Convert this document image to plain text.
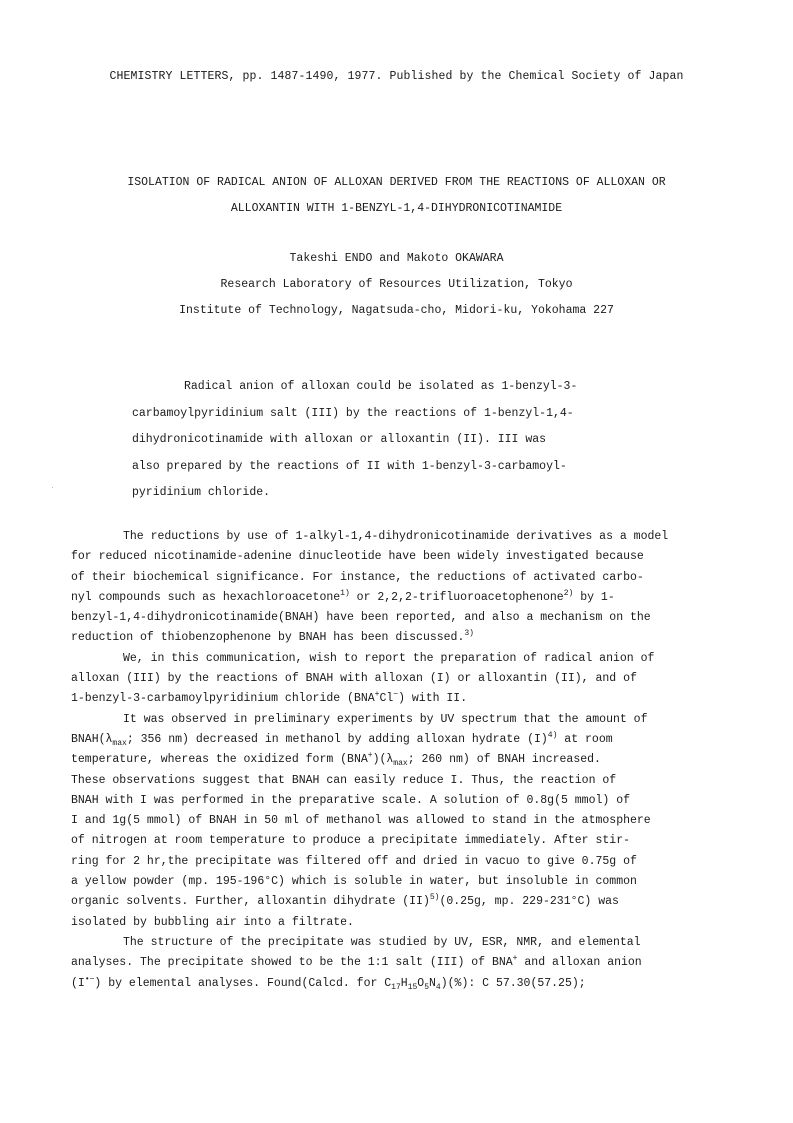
CHEMISTRY LETTERS, pp. 1487-1490, 1977. Published by the Chemical Society of Japan
ISOLATION OF RADICAL ANION OF ALLOXAN DERIVED FROM THE REACTIONS OF ALLOXAN OR
ALLOXANTIN WITH 1-BENZYL-1,4-DIHYDRONICOTINAMIDE
Takeshi ENDO and Makoto OKAWARA
Research Laboratory of Resources Utilization, Tokyo
Institute of Technology, Nagatsuda-cho, Midori-ku, Yokohama 227
Radical anion of alloxan could be isolated as 1-benzyl-3-
carbamoylpyridinium salt (III) by the reactions of 1-benzyl-1,4-
dihydronicotinamide with alloxan or alloxantin (II). III was
also prepared by the reactions of II with 1-benzyl-3-carbamoyl-
pyridinium chloride.
The reductions by use of 1-alkyl-1,4-dihydronicotinamide derivatives as a model
for reduced nicotinamide-adenine dinucleotide have been widely investigated because
of their biochemical significance. For instance, the reductions of activated carbo-
nyl compounds such as hexachloroacetone$^{1)}$ or 2,2,2-trifluoroacetophenone$^{2)}$ by 1-
benzyl-1,4-dihydronicotinamide(BNAH) have been reported, and also a mechanism on the
reduction of thiobenzophenone by BNAH has been discussed.$^{3)}$
We, in this communication, wish to report the preparation of radical anion of
alloxan (III) by the reactions of BNAH with alloxan (I) or alloxantin (II), and of
1-benzyl-3-carbamoylpyridinium chloride (BNA+Cl−) with II.
It was observed in preliminary experiments by UV spectrum that the amount of
$BNAH(\lambda_{max}$; 356 nm) decreased in methanol by adding alloxan hydrate $(I)^{4)}$ at room
temperature, whereas the oxidized form $(BNA^+)(\lambda_{max}$; 260 nm) of BNAH increased.
These observations suggest that BNAH can easily reduce I. Thus, the reaction of
BNAH with I was performed in the preparative scale. A solution of 0.8g(5 mmol) of
I and 1g(5 mmol) of BNAH in 50 ml of methanol was allowed to stand in the atmosphere
of nitrogen at room temperature to produce a precipitate immediately. After stir-
ring for 2 hr,the precipitate was filtered off and dried in vacuo to give 0.75g of
a yellow powder (mp. 195-196°C) which is soluble in water, but insoluble in common
organic solvents. Further, alloxantin dihydrate (II)$^{5)}$(0.25g, mp. 229-231°C) was
isolated by bubbling air into a filtrate.
The structure of the precipitate was studied by UV, ESR, NMR, and elemental
analyses. The precipitate showed to be the 1:1 salt (III) of BNA+ and alloxan anion
(I•−) by elemental analyses. Found(Calcd. for $C_{17}H_{15}O_5N_4)(\%)$: C 57.30(57.25);
